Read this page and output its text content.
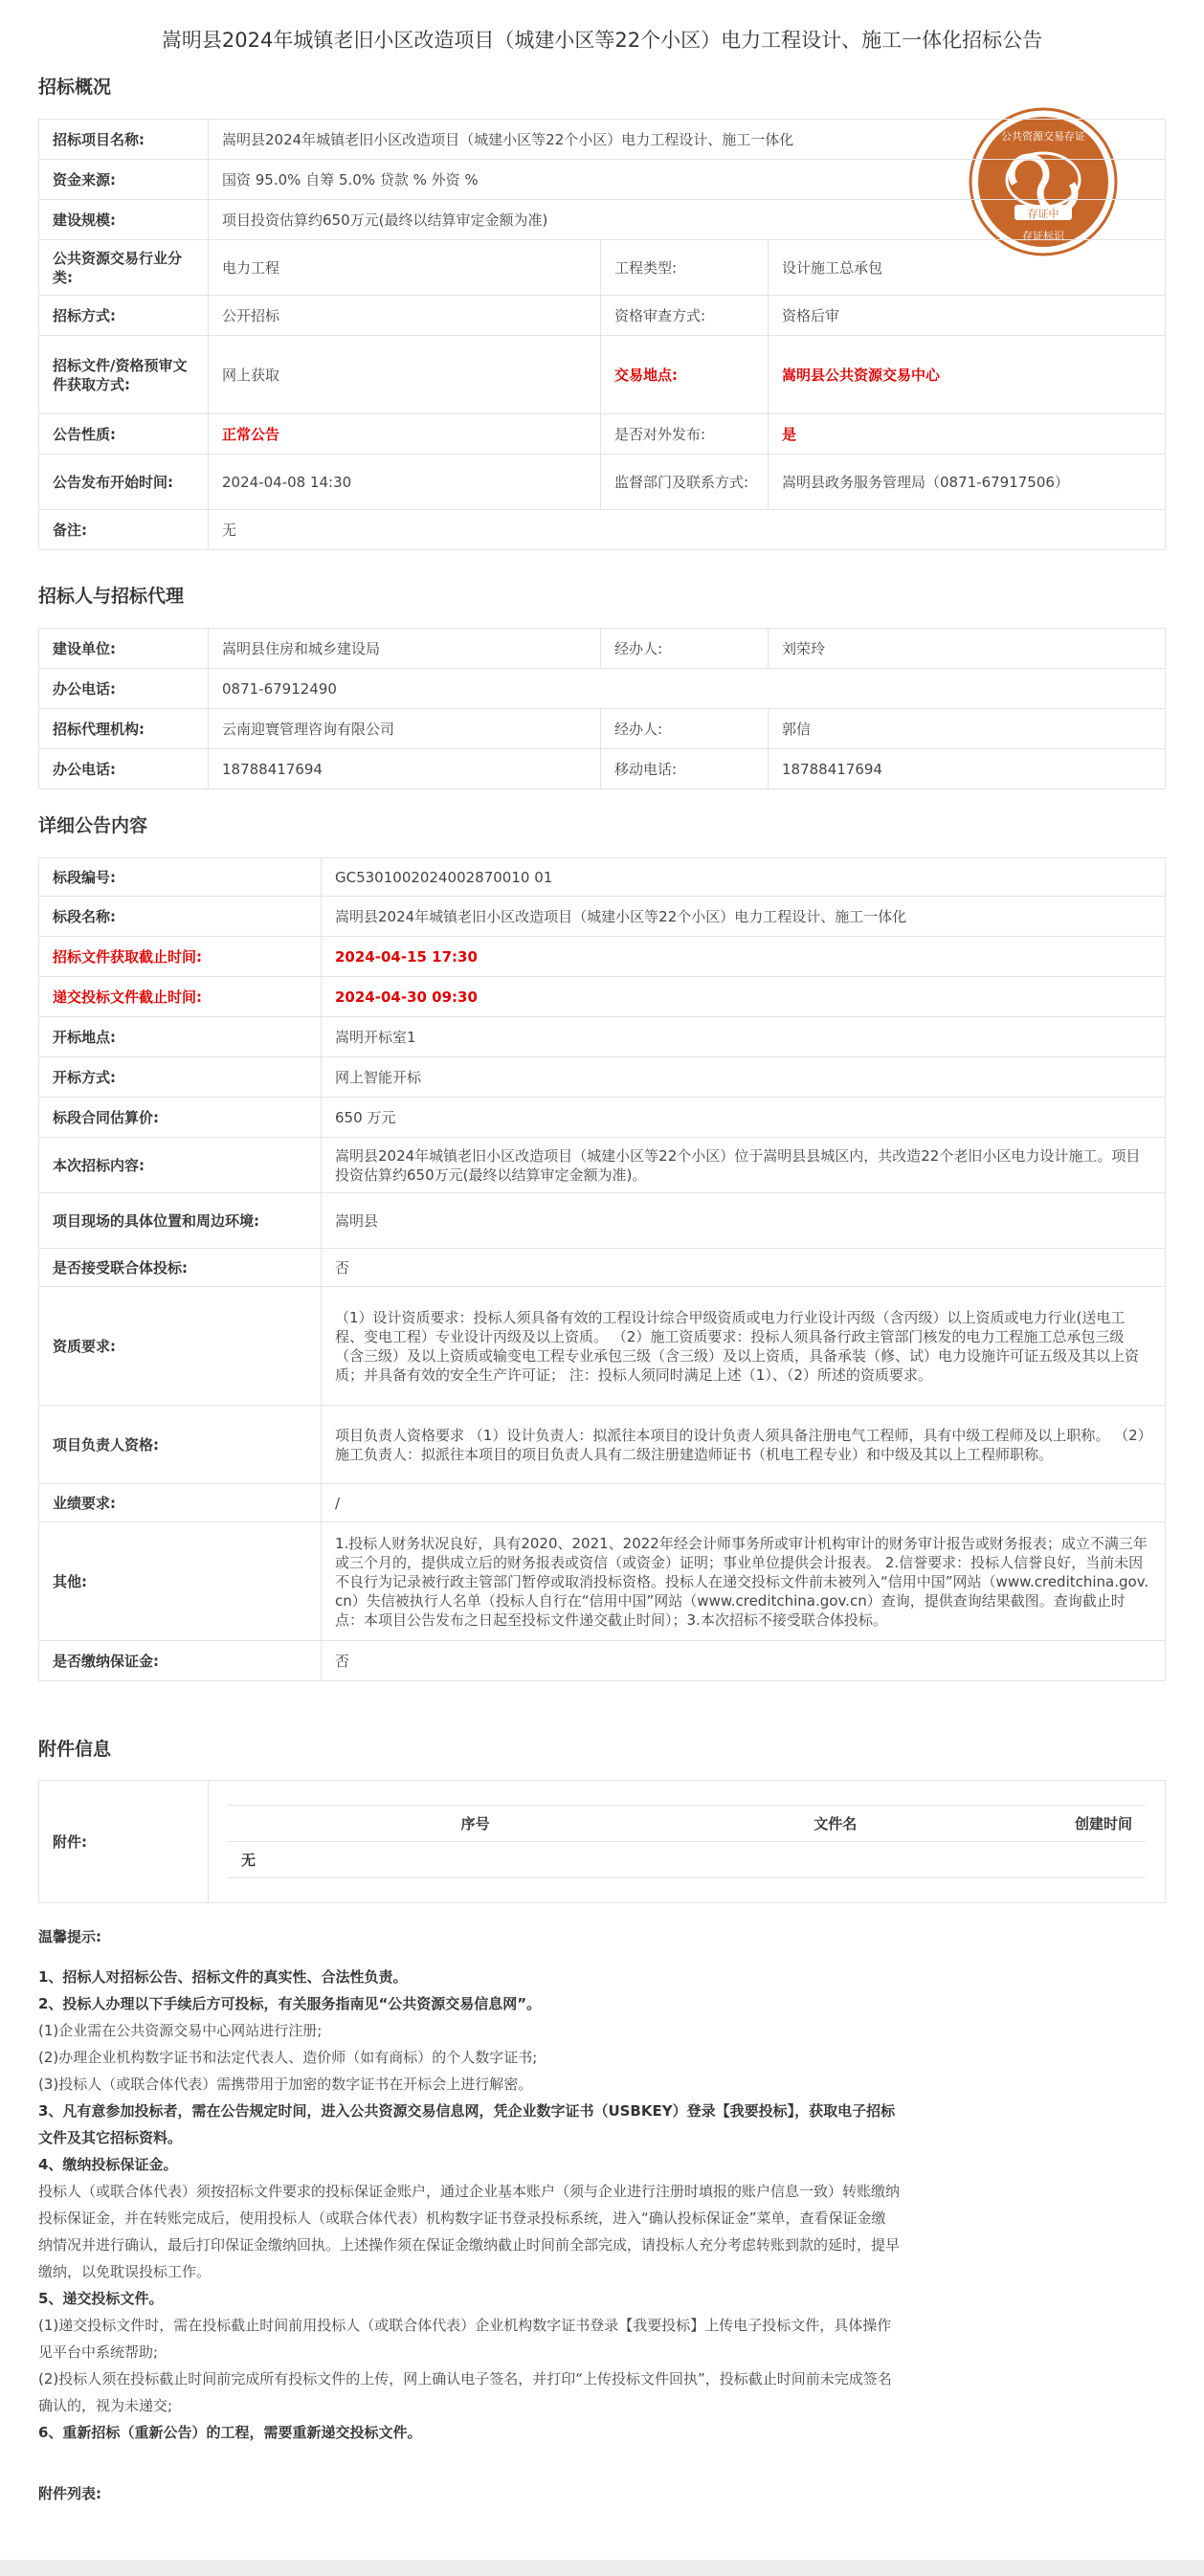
嵩明县2024年城镇老旧小区改造项目（城建小区等22个小区）电力工程设计、施工一体化招标公告
存证中
公共资源交易存证
存证标识
招标概况
招标项目名称:	嵩明县2024年城镇老旧小区改造项目（城建小区等22个小区）电力工程设计、施工一体化		
资金来源:	国资 95.0% 自筹 5.0% 贷款 % 外资 %		
建设规模:	项目投资估算约650万元(最终以结算审定金额为准)		
公共资源交易行业分类:	电力工程	工程类型:	设计施工总承包
招标方式:	公开招标	资格审查方式:	资格后审
招标文件/资格预审文件获取方式:	网上获取	交易地点:	嵩明县公共资源交易中心
公告性质:	正常公告	是否对外发布:	是
公告发布开始时间:	2024-04-08 14:30	监督部门及联系方式:	嵩明县政务服务管理局（0871-67917506）
备注:	无		
招标人与招标代理
建设单位:	嵩明县住房和城乡建设局	经办人:	刘荣玲
办公电话:	0871-67912490		
招标代理机构:	云南迎寰管理咨询有限公司	经办人:	郭信
办公电话:	18788417694	移动电话:	18788417694
详细公告内容
标段编号:	GC5301002024002870010 01
标段名称:	嵩明县2024年城镇老旧小区改造项目（城建小区等22个小区）电力工程设计、施工一体化
招标文件获取截止时间:	2024-04-15 17:30
递交投标文件截止时间:	2024-04-30 09:30
开标地点:	嵩明开标室1
开标方式:	网上智能开标
标段合同估算价:	650 万元
本次招标内容:	嵩明县2024年城镇老旧小区改造项目（城建小区等22个小区）位于嵩明县县城区内，共改造22个老旧小区电力设计施工。项目投资估算约650万元(最终以结算审定金额为准)。
项目现场的具体位置和周边环境:	嵩明县
是否接受联合体投标:	否
资质要求:	（1）设计资质要求：投标人须具备有效的工程设计综合甲级资质或电力行业设计丙级（含丙级）以上资质或电力行业(送电工程、变电工程）专业设计丙级及以上资质。 （2）施工资质要求：投标人须具备行政主管部门核发的电力工程施工总承包三级（含三级）及以上资质或输变电工程专业承包三级（含三级）及以上资质，具备承装（修、试）电力设施许可证五级及其以上资质；并具备有效的安全生产许可证； 注：投标人须同时满足上述（1）、（2）所述的资质要求。
项目负责人资格:	项目负责人资格要求 （1）设计负责人：拟派往本项目的设计负责人须具备注册电气工程师，具有中级工程师及以上职称。 （2）施工负责人：拟派往本项目的项目负责人具有二级注册建造师证书（机电工程专业）和中级及其以上工程师职称。
业绩要求:	/
其他:	1.投标人财务状况良好，具有2020、2021、2022年经会计师事务所或审计机构审计的财务审计报告或财务报表；成立不满三年或三个月的，提供成立后的财务报表或资信（或资金）证明；事业单位提供会计报表。 2.信誉要求：投标人信誉良好，当前未因不良行为记录被行政主管部门暂停或取消投标资格。投标人在递交投标文件前未被列入“信用中国”网站（www.creditchina.gov.cn）失信被执行人名单（投标人自行在“信用中国”网站（www.creditchina.gov.cn）查询，提供查询结果截图。查询截止时点：本项目公告发布之日起至投标文件递交截止时间）；3.本次招标不接受联合体投标。
是否缴纳保证金:	否
附件信息
附件:	
序号	文件名	创建时间
无
温馨提示:
1、招标人对招标公告、招标文件的真实性、合法性负责。
2、投标人办理以下手续后方可投标，有关服务指南见“公共资源交易信息网”。
(1)企业需在公共资源交易中心网站进行注册;
(2)办理企业机构数字证书和法定代表人、造价师（如有商标）的个人数字证书;
(3)投标人（或联合体代表）需携带用于加密的数字证书在开标会上进行解密。
3、凡有意参加投标者，需在公告规定时间，进入公共资源交易信息网，凭企业数字证书（USBKEY）登录【我要投标】，获取电子招标文件及其它招标资料。
4、缴纳投标保证金。
投标人（或联合体代表）须按招标文件要求的投标保证金账户，通过企业基本账户（须与企业进行注册时填报的账户信息一致）转账缴纳投标保证金，并在转账完成后，使用投标人（或联合体代表）机构数字证书登录投标系统，进入“确认投标保证金”菜单，查看保证金缴纳情况并进行确认，最后打印保证金缴纳回执。上述操作须在保证金缴纳截止时间前全部完成，请投标人充分考虑转账到款的延时，提早缴纳，以免耽误投标工作。
5、递交投标文件。
(1)递交投标文件时，需在投标截止时间前用投标人（或联合体代表）企业机构数字证书登录【我要投标】上传电子投标文件，具体操作见平台中系统帮助;
(2)投标人须在投标截止时间前完成所有投标文件的上传，网上确认电子签名，并打印“上传投标文件回执”，投标截止时间前未完成签名确认的，视为未递交;
6、重新招标（重新公告）的工程，需要重新递交投标文件。
附件列表:
